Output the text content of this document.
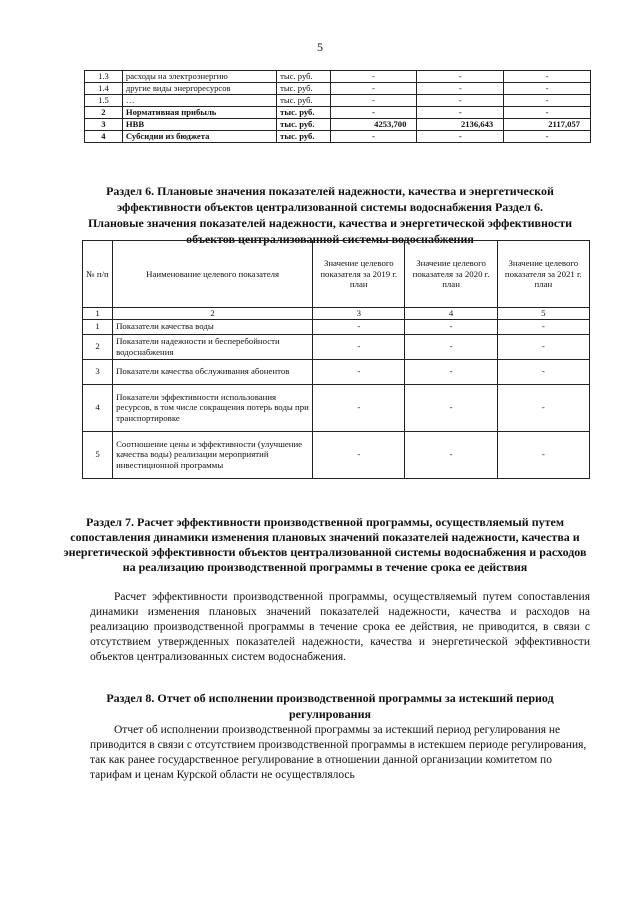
5
1.3	расходы на электроэнергию	тыс. руб.	-	-	-
1.4	другие виды энергоресурсов	тыс. руб.	-	-	-
1.5	…	тыс. руб.	-	-	-
2	Нормативная прибыль	тыс. руб.	-	-	-
3	НВВ	тыс. руб.	4253,700	2136,643	2117,057
4	Субсидии из бюджета	тыс. руб.	-	-	-
Раздел 6. Плановые значения показателей надежности, качества и энергетической эффективности объектов централизованной системы водоснабжения Раздел 6.
Плановые значения показателей надежности, качества и энергетической эффективности объектов централизованной системы водоснабжения
№ п/п	Наименование целевого показателя	Значение целевого показателя за 2019 г. план	Значение целевого показателя за 2020 г. план	Значение целевого показателя за 2021 г. план
1	2	3	4	5
1	Показатели качества воды	-	-	-
2	Показатели надежности и бесперебойности водоснабжения	-	-	-
3	Показатели качества обслуживания абонентов	-	-	-
4	Показатели эффективности использования ресурсов, в том числе сокращения потерь воды при транспортировке	-	-	-
5	Соотношение цены и эффективности (улучшение качества воды) реализации мероприятий инвестиционной программы	-	-	-
Раздел 7. Расчет эффективности производственной программы, осуществляемый путем сопоставления динамики изменения плановых значений показателей надежности, качества и энергетической эффективности объектов централизованной системы водоснабжения и расходов на реализацию производственной программы в течение срока ее действия
Расчет эффективности производственной программы, осуществляемый путем сопоставления динамики изменения плановых значений показателей надежности, качества и расходов на реализацию производственной программы в течение срока ее действия, не приводится, в связи с отсутствием утвержденных показателей надежности, качества и энергетической эффективности объектов централизованных систем водоснабжения.
Раздел 8. Отчет об исполнении производственной программы за истекший период регулирования
Отчет об исполнении производственной программы за истекший период регулирования не приводится в связи с отсутствием производственной программы в истекшем периоде регулирования, так как ранее государственное регулирование в отношении данной организации комитетом по тарифам и ценам Курской области не осуществлялось
